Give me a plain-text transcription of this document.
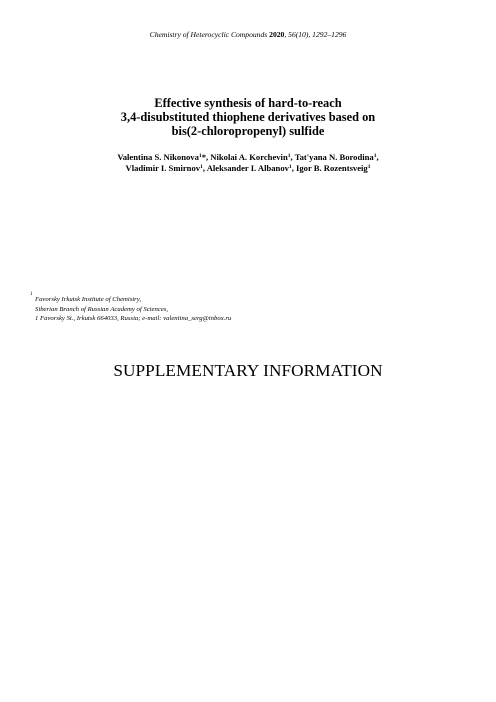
Chemistry of Heterocyclic Compounds 2020, 56(10), 1292–1296
Effective synthesis of hard-to-reach
3,4-disubstituted thiophene derivatives based on
bis(2-chloropropenyl) sulfide
Valentina S. Nikonova$^1$*, Nikolai A. Korchevin$^1$, Tat'yana N. Borodina$^1$,
Vladimir I. Smirnov$^1$, Aleksander I. Albanov$^1$, Igor B. Rozentsveig$^1$
1
Favorsky Irkutsk Institute of Chemistry,
Siberian Branch of Russian Academy of Sciences,
1 Favorsky St., Irkutsk 664033, Russia; e-mail: valentina_serg@inbox.ru
SUPPLEMENTARY INFORMATION
